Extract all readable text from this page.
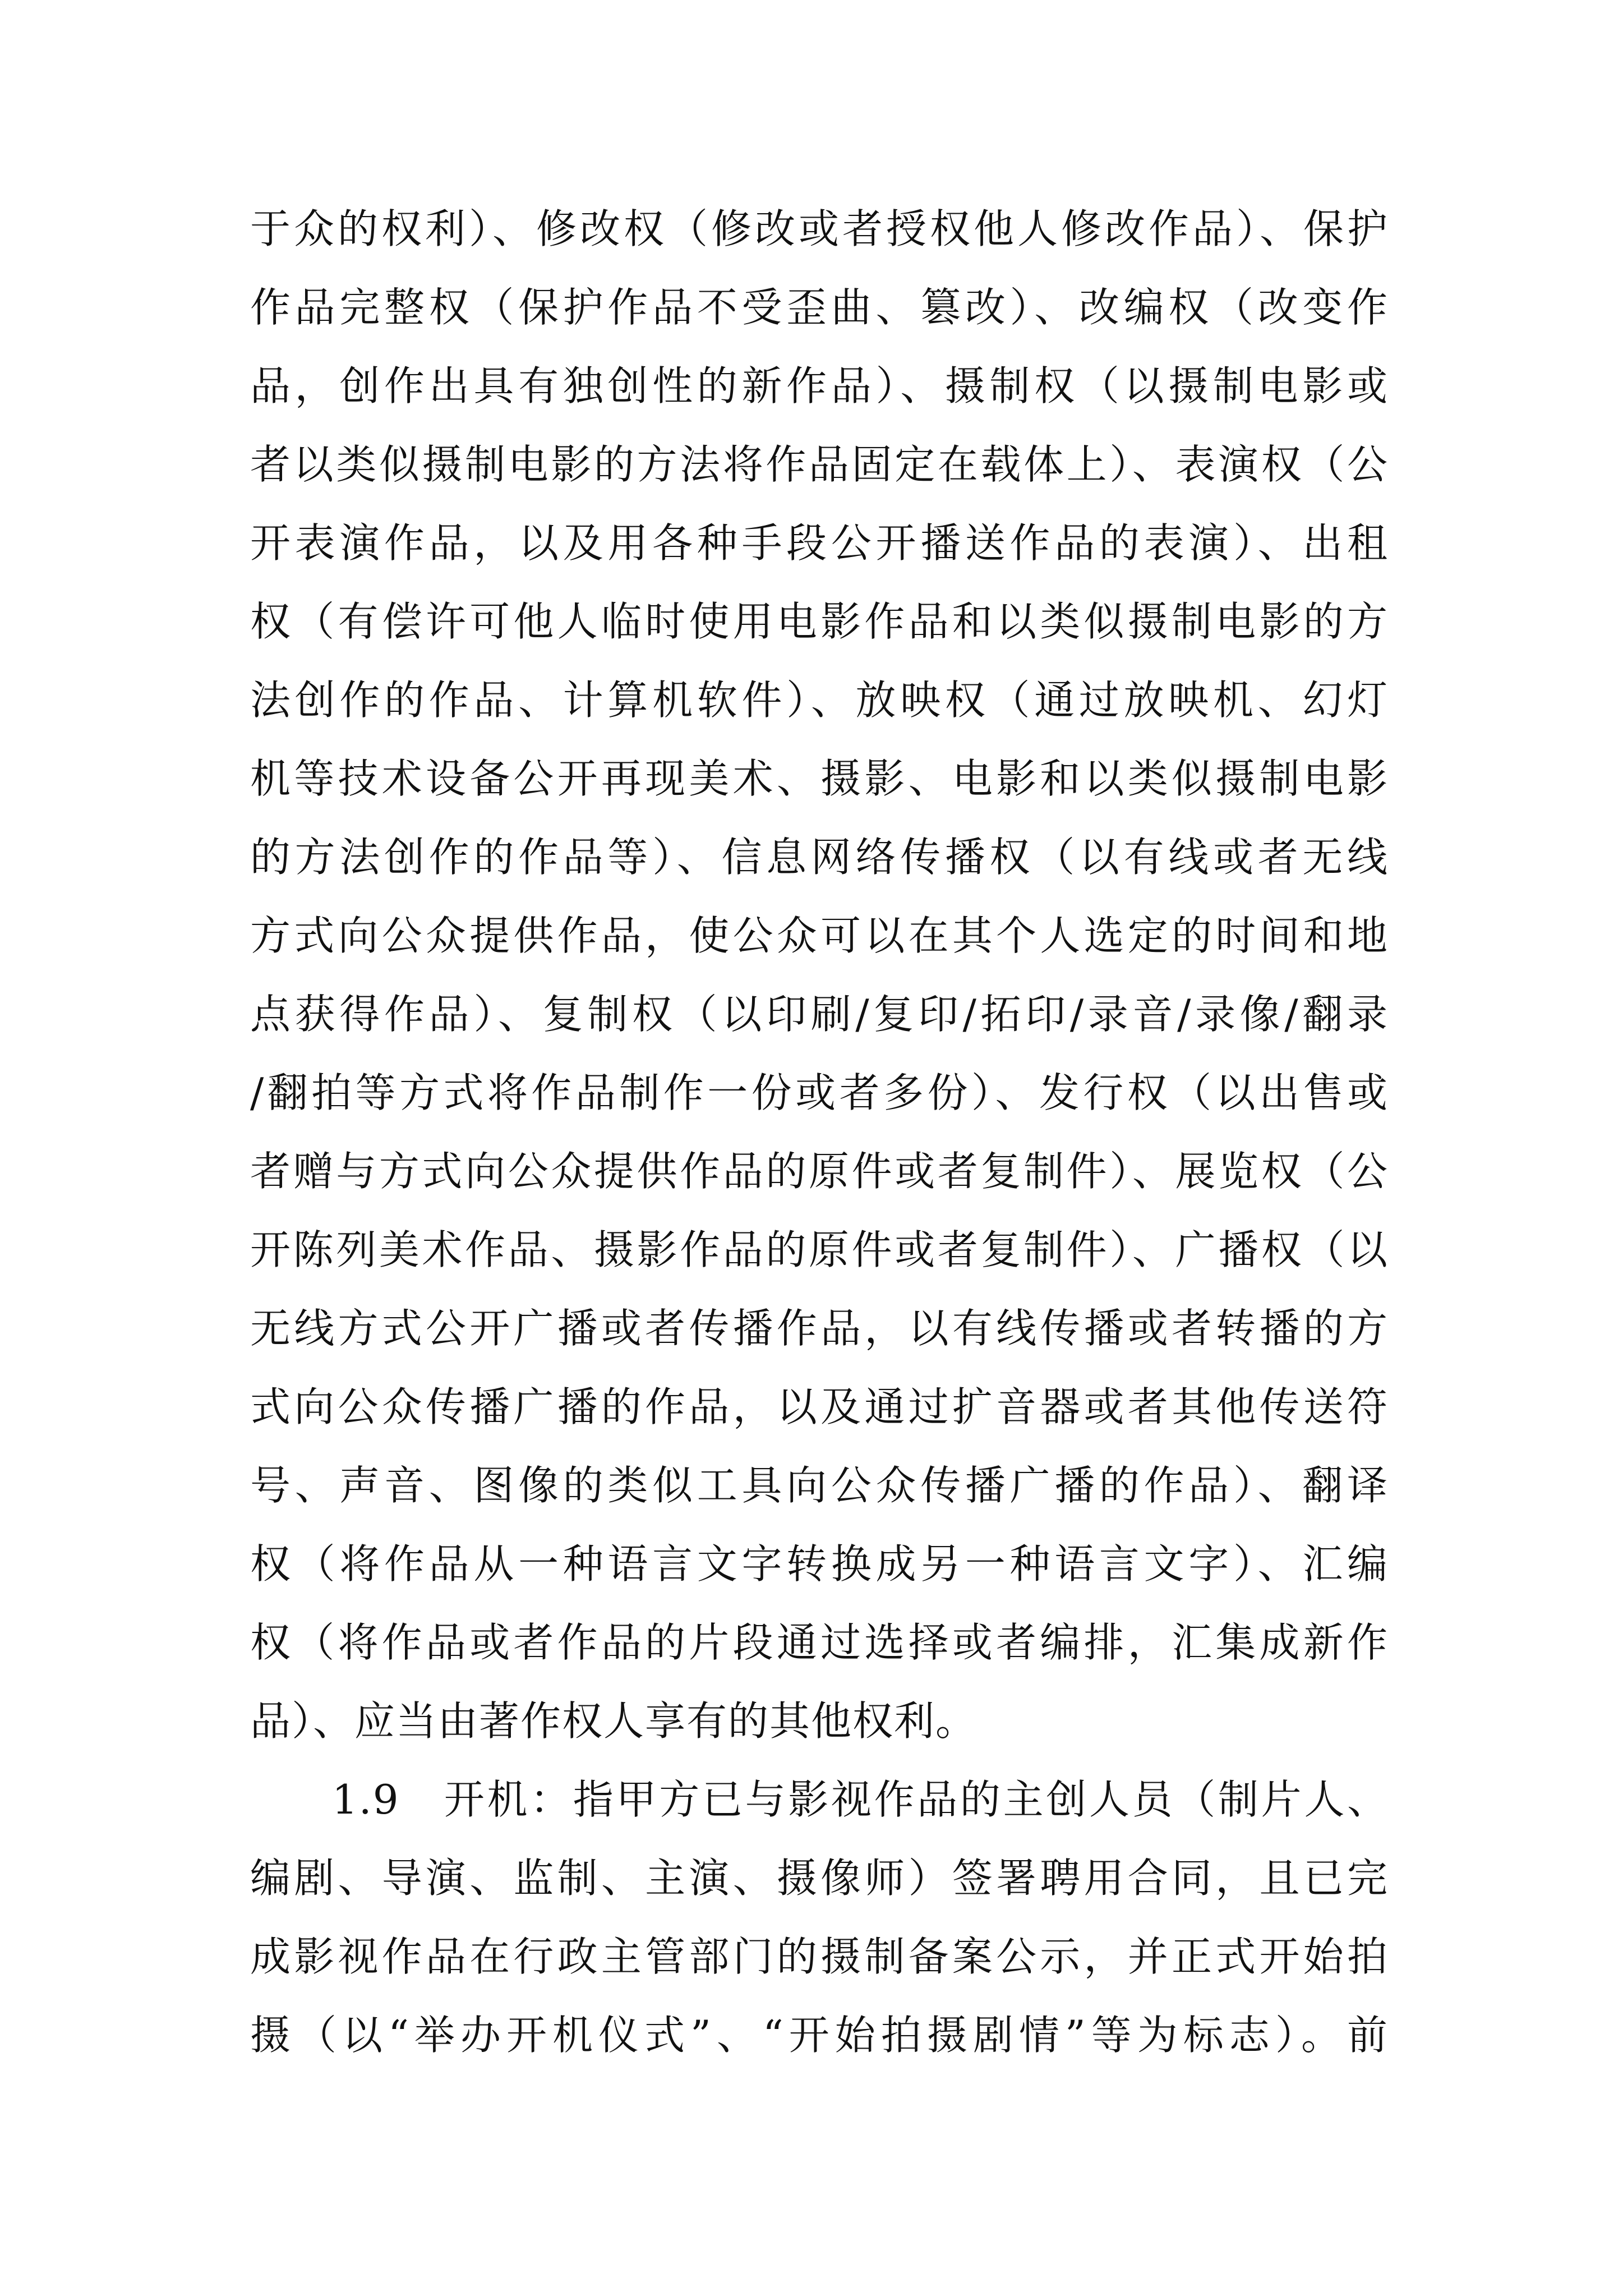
于众的权利）、修改权（修改或者授权他人修改作品）、保护
作品完整权（保护作品不受歪曲、篡改）、改编权（改变作
品，创作出具有独创性的新作品）、摄制权（以摄制电影或
者以类似摄制电影的方法将作品固定在载体上）、表演权（公
开表演作品，以及用各种手段公开播送作品的表演）、出租
权（有偿许可他人临时使用电影作品和以类似摄制电影的方
法创作的作品、计算机软件）、放映权（通过放映机、幻灯
机等技术设备公开再现美术、摄影、电影和以类似摄制电影
的方法创作的作品等）、信息网络传播权（以有线或者无线
方式向公众提供作品，使公众可以在其个人选定的时间和地
点获得作品）、复制权（以印刷/复印/拓印/录音/录像/翻录
/翻拍等方式将作品制作一份或者多份）、发行权（以出售或
者赠与方式向公众提供作品的原件或者复制件）、展览权（公
开陈列美术作品、摄影作品的原件或者复制件）、广播权（以
无线方式公开广播或者传播作品，以有线传播或者转播的方
式向公众传播广播的作品，以及通过扩音器或者其他传送符
号、声音、图像的类似工具向公众传播广播的作品）、翻译
权（将作品从一种语言文字转换成另一种语言文字）、汇编
权（将作品或者作品的片段通过选择或者编排，汇集成新作
品）、应当由著作权人享有的其他权利。
1.9　开机：指甲方已与影视作品的主创人员（制片人、
编剧、导演、监制、主演、摄像师）签署聘用合同，且已完
成影视作品在行政主管部门的摄制备案公示，并正式开始拍
摄（以“举办开机仪式”、“开始拍摄剧情”等为标志）。前
